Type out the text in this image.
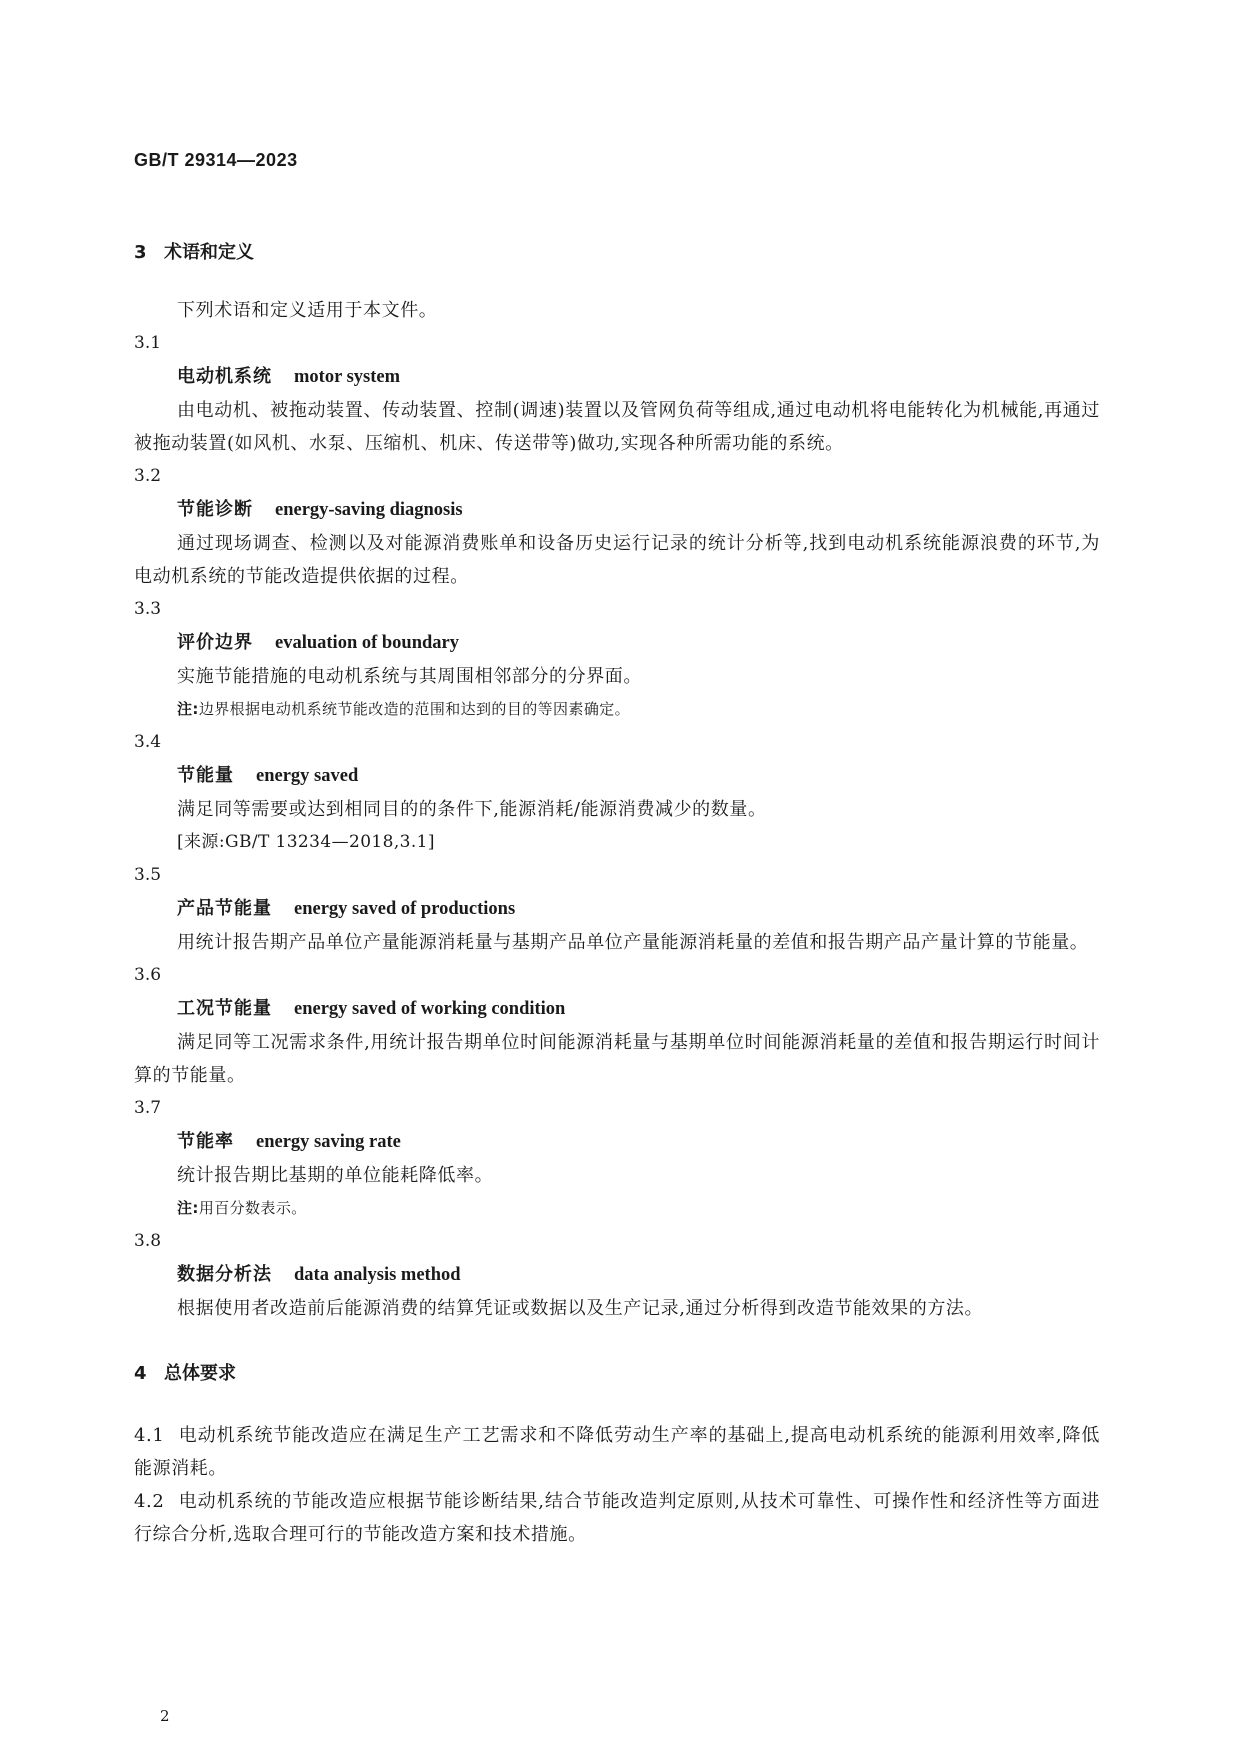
GB/T 29314—2023
3 术语和定义

下列术语和定义适用于本文件。

3.1

电动机系统 motor system

由电动机、被拖动装置、传动装置、控制(调速)装置以及管网负荷等组成,通过电动机将电能转化为机械能,再通过被拖动装置(如风机、水泵、压缩机、机床、传送带等)做功,实现各种所需功能的系统。

3.2

节能诊断 energy-saving diagnosis

通过现场调查、检测以及对能源消费账单和设备历史运行记录的统计分析等,找到电动机系统能源浪费的环节,为电动机系统的节能改造提供依据的过程。

3.3

评价边界 evaluation of boundary

实施节能措施的电动机系统与其周围相邻部分的分界面。

注:边界根据电动机系统节能改造的范围和达到的目的等因素确定。

3.4

节能量 energy saved

满足同等需要或达到相同目的的条件下,能源消耗/能源消费减少的数量。

[来源:GB/T 13234—2018,3.1]

3.5

产品节能量 energy saved of productions

用统计报告期产品单位产量能源消耗量与基期产品单位产量能源消耗量的差值和报告期产品产量计算的节能量。

3.6

工况节能量 energy saved of working condition

满足同等工况需求条件,用统计报告期单位时间能源消耗量与基期单位时间能源消耗量的差值和报告期运行时间计算的节能量。

3.7

节能率 energy saving rate

统计报告期比基期的单位能耗降低率。

注:用百分数表示。

3.8

数据分析法 data analysis method

根据使用者改造前后能源消费的结算凭证或数据以及生产记录,通过分析得到改造节能效果的方法。

4 总体要求

4.1 电动机系统节能改造应在满足生产工艺需求和不降低劳动生产率的基础上,提高电动机系统的能源利用效率,降低能源消耗。

4.2 电动机系统的节能改造应根据节能诊断结果,结合节能改造判定原则,从技术可靠性、可操作性和经济性等方面进行综合分析,选取合理可行的节能改造方案和技术措施。

2
